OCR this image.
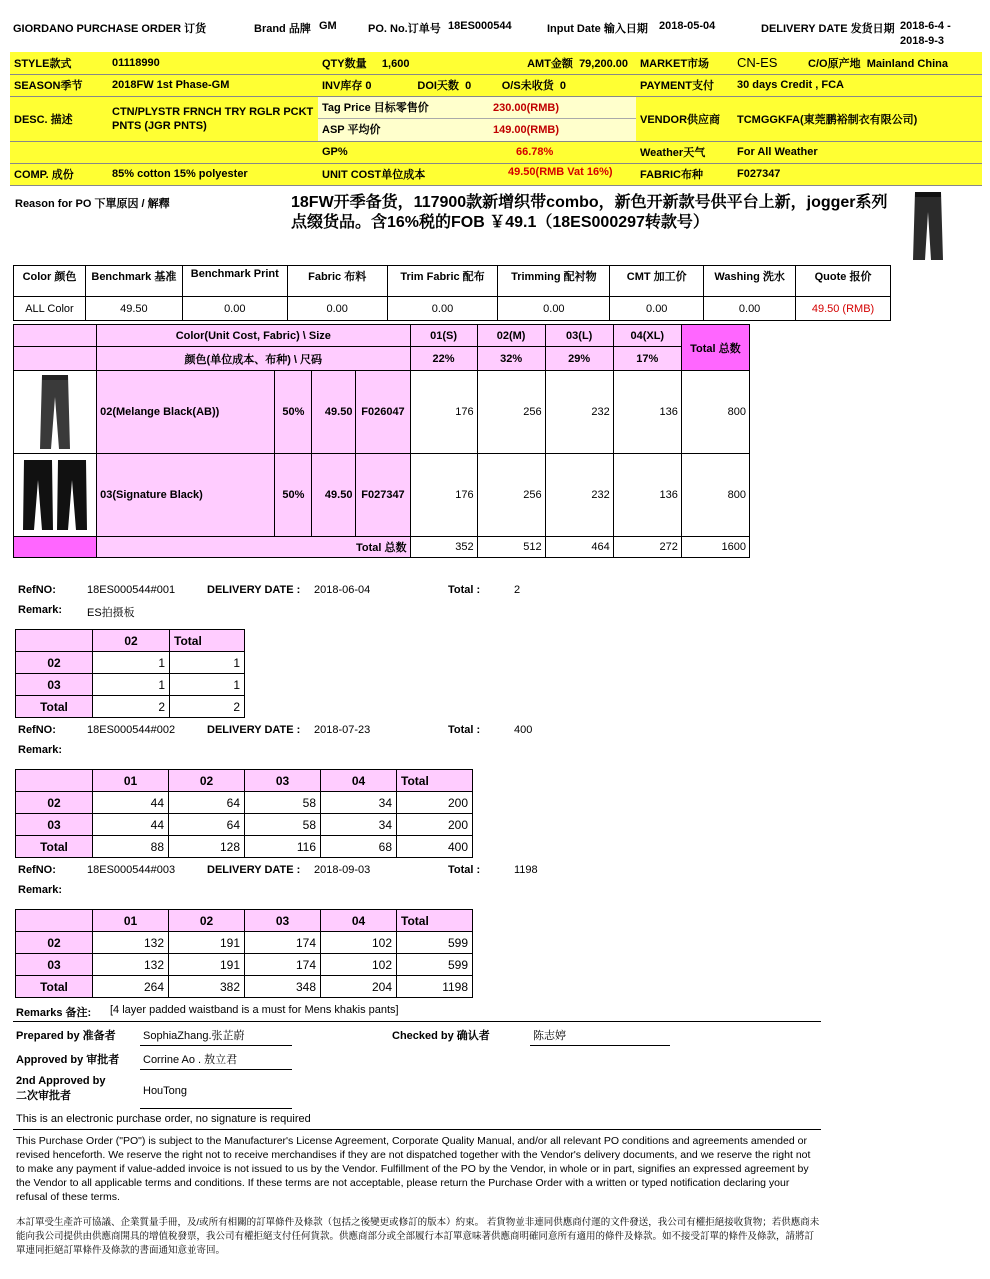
GIORDANO PURCHASE ORDER 订货	Brand 品牌 GM	PO. No.订单号 18ES000544	Input Date 输入日期 2018-05-04	DELIVERY DATE 发货日期 2018-6-4 -
2018-9-3
STYLE款式	01118990	QTY数量 1,600 AMT金额 79,200.00	MARKET市场	CN-ES C/O原产地 Mainland China
SEASON季节	2018FW 1st Phase-GM	INV库存 0 DOI天数 0 O/S未收货 0	PAYMENT支付	30 days Credit , FCA
DESC. 描述	CTN/PLYSTR FRNCH TRY RGLR PCKT PNTS (JGR PNTS)	Tag Price 目标零售价 230.00(RMB)
ASP 平均价 149.00(RMB)	VENDOR供应商	TCMGGKFA(東莞鹏裕制衣有限公司)
		GP% 66.78%	Weather天气	For All Weather
COMP. 成份	85% cotton 15% polyester	UNIT COST单位成本 49.50(RMB Vat 16%)	FABRIC布种	F027347
Reason for PO 下單原因 / 解釋	18FW开季备货，117900款新增织带combo，新色开新款号供平台上新，jogger系列点缀货品。含16%税的FOB ￥49.1（18ES000297转款号）
Color 颜色	Benchmark 基准	Benchmark Print	Fabric 布料	Trim Fabric 配布	Trimming 配衬物	CMT 加工价	Washing 洗水	Quote 报价
ALL Color	49.50	0.00	0.00	0.00	0.00	0.00	0.00	49.50 (RMB)
	Color(Unit Cost, Fabric) \ Size				01(S)	02(M)	03(L)	04(XL)	Total 总数
	颜色(单位成本、布种) \ 尺码				22%	32%	29%	17%	

	02(Melange Black(AB))	50%	49.50	F026047	176	256	232	136	800

	03(Signature Black)	50%	49.50	F027347	176	256	232	136	800
	Total 总数				352	512	464	272	1600
RefNO:	18ES000544#001	DELIVERY DATE : 2018-06-04	Total :	2
Remark: ES拍摄板
	02	Total
02	1	1
03	1	1
Total	2	2
RefNO:	18ES000544#002	DELIVERY DATE : 2018-07-23	Total :	400
Remark:
	01	02	03	04	Total
02	44	64	58	34	200
03	44	64	58	34	200
Total	88	128	116	68	400
RefNO:	18ES000544#003	DELIVERY DATE : 2018-09-03	Total :	1198
Remark:
	01	02	03	04	Total
02	132	191	174	102	599
03	132	191	174	102	599
Total	264	382	348	204	1198
Remarks 备注: [4 layer padded waistband is a must for Mens khakis pants]
Prepared by 准备者 SophiaZhang.张芷蔚	Checked by 确认者	陈志婷
Approved by 审批者 Corrine Ao . 敖立君
2nd Approved by
二次审批者	HouTong
This is an electronic purchase order, no signature is required
This Purchase Order ("PO") is subject to the Manufacturer's License Agreement, Corporate Quality Manual, and/or all relevant PO conditions and agreements amended or revised henceforth. We reserve the right not to receive merchandises if they are not dispatched together with the Vendor's delivery documents, and we reserve the right not to make any payment if value-added invoice is not issued to us by the Vendor. Fulfillment of the PO by the Vendor, in whole or in part, signifies an expressed agreement by the Vendor to all applicable terms and conditions. If these terms are not acceptable, please return the Purchase Order with a written or typed notification declaring your refusal of these terms.
本訂單受生產許可協議、企業質量手冊，及/或所有相關的訂單條件及條款（包括之後變更或修訂的版本）約束。 若貨物並非連同供應商付運的文件發送，我公司有權拒絕接收貨物；若供應商未能向我公司提供由供應商開具的增值稅發票，我公司有權拒絕支付任何貨款。供應商部分或全部履行本訂單意味著供應商明確同意所有適用的條件及條款。如不接受訂單的條件及條款，請將訂單連同拒絕訂單條件及條款的書面通知意並寄回。
